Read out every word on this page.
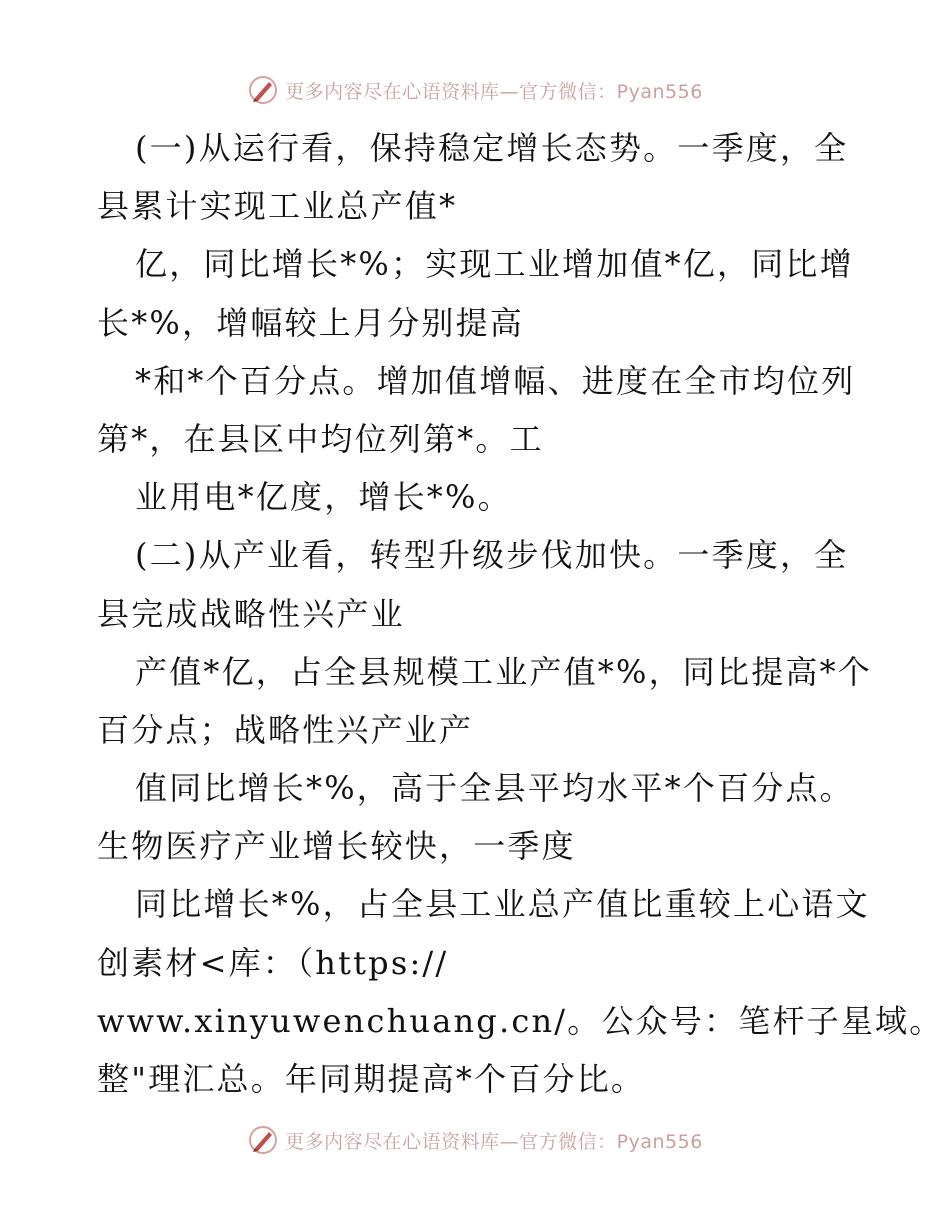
更多内容尽在心语资料库—官方微信：Pyan556
(一)从运行看，保持稳定增长态势。一季度，全
县累计实现工业总产值*
亿，同比增长*%；实现工业增加值*亿，同比增
长*%，增幅较上月分别提高
*和*个百分点。增加值增幅、进度在全市均位列
第*，在县区中均位列第*。工
业用电*亿度，增长*%。
(二)从产业看，转型升级步伐加快。一季度，全
县完成战略性兴产业
产值*亿，占全县规模工业产值*%，同比提高*个
百分点；战略性兴产业产
值同比增长*%，高于全县平均水平*个百分点。
生物医疗产业增长较快，一季度
同比增长*%，占全县工业总产值比重较上心语文
创素材<库：（https://
www.xinyuwenchuang.cn/。公众号：笔杆子星域。
整"理汇总。年同期提高*个百分比。
更多内容尽在心语资料库—官方微信：Pyan556
